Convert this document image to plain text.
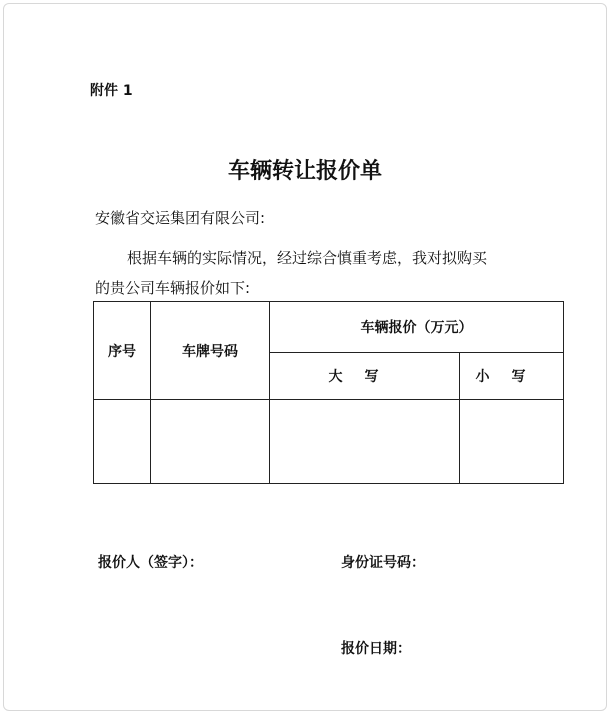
附件 1
车辆转让报价单
安徽省交运集团有限公司:
根据车辆的实际情况，经过综合慎重考虑，我对拟购买
的贵公司车辆报价如下:
序号	车牌号码	车辆报价（万元）	
		大写	小写

报价人（签字）：	身份证号码：
报价日期：
